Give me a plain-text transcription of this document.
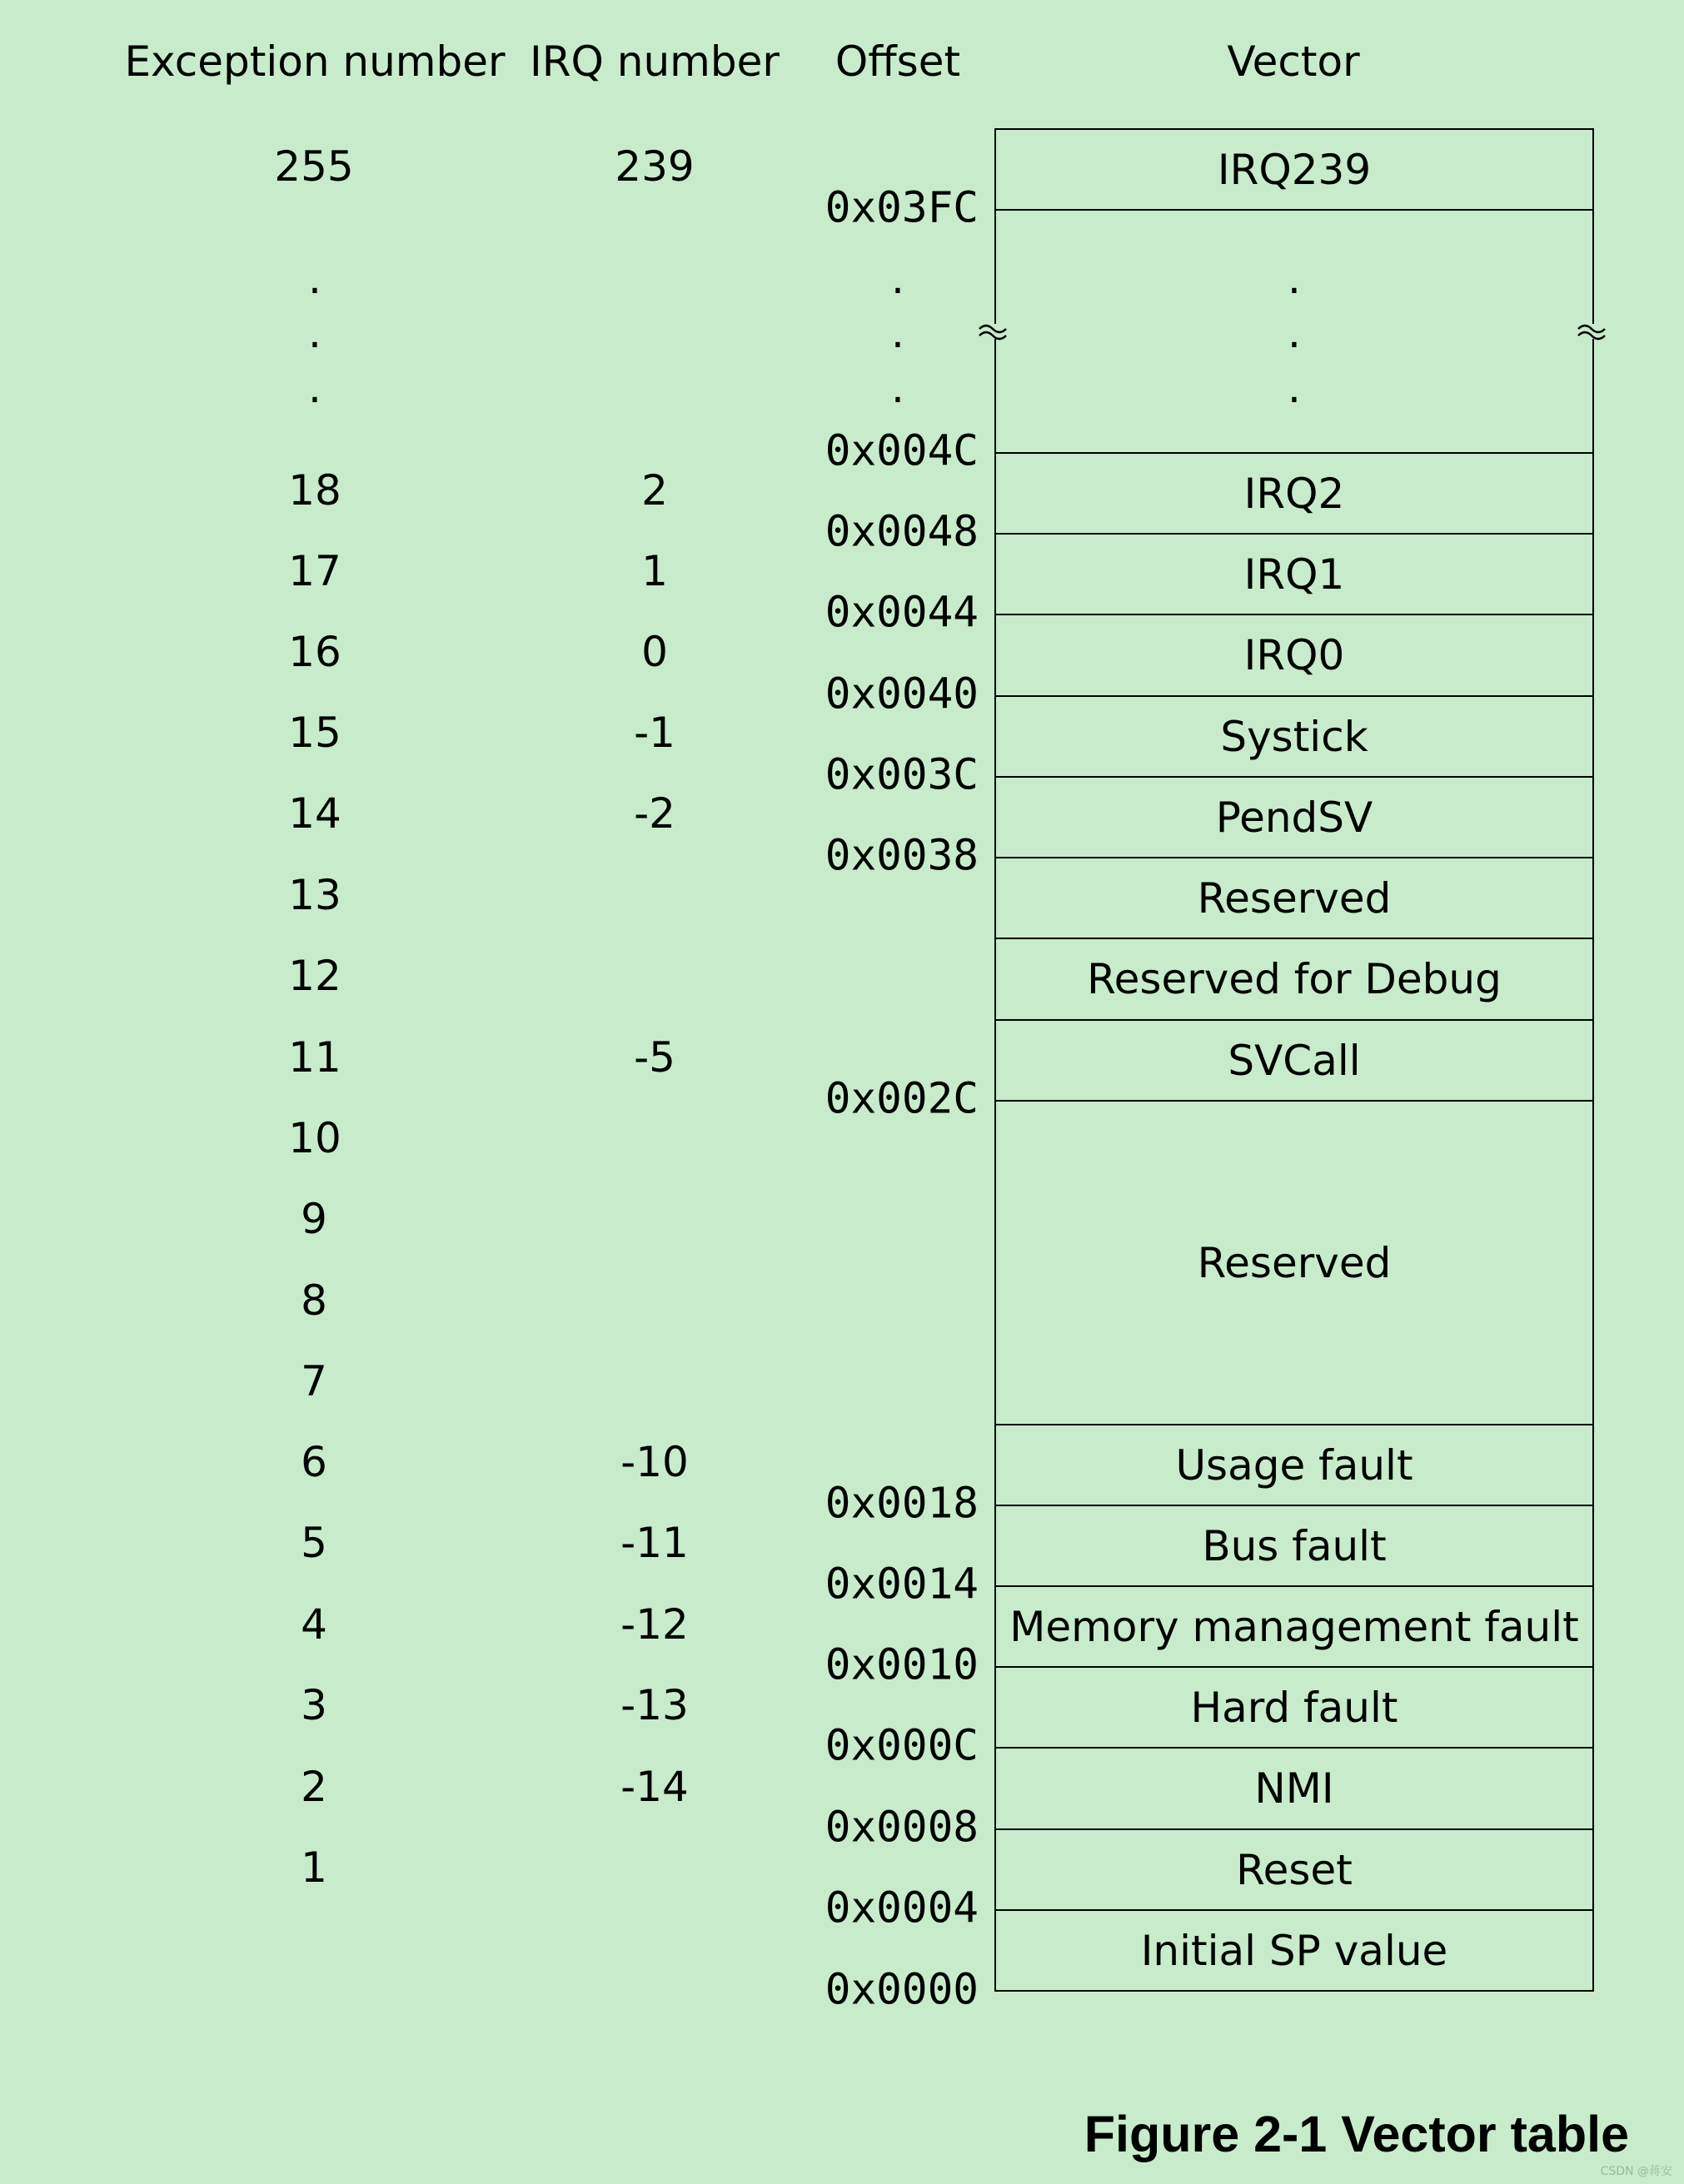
Exception number IRQ number Offset	Vector
255
.
.
.
18
17
16
15
14
13
12
11
10
9
8
7
6
5
4
3
2
1
239
2
1
0
-1
-2
-5
-10
-11
-12
-13
-14
0x03FC
.
.
.
0x004C
0x0048
0x0044
0x0040
0x003C
0x0038
0x002C
0x0018
0x0014
0x0010
0x000C
0x0008
0x0004
0x0000
IRQ239
IRQ2
IRQ1
IRQ0
Systick
PendSV
Reserved
Reserved for Debug
SVCall
Reserved
Usage fault
Bus fault
Memory management fault
Hard fault
NMI
Reset
Initial SP value
.
.
.
Figure 2-1 Vector table
CSDN @蒋安
